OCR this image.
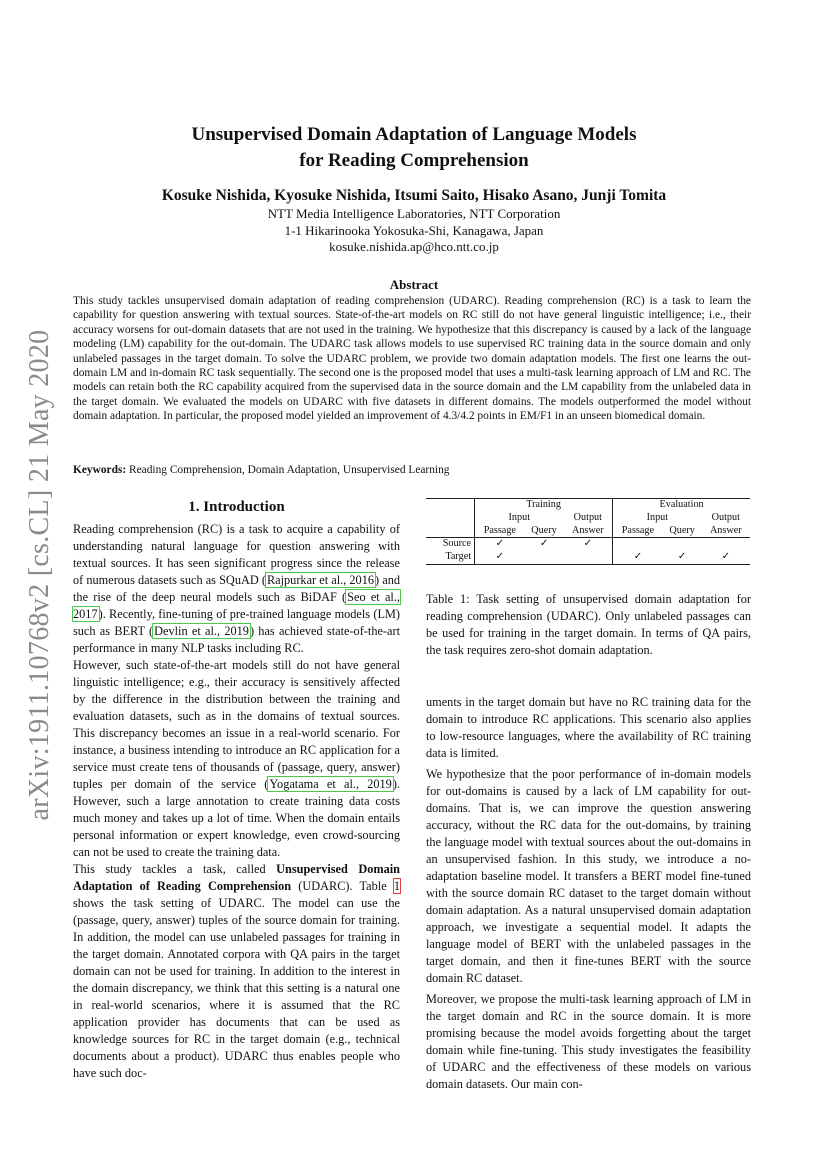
arXiv:1911.10768v2 [cs.CL] 21 May 2020
Unsupervised Domain Adaptation of Language Models
for Reading Comprehension
Kosuke Nishida, Kyosuke Nishida, Itsumi Saito, Hisako Asano, Junji Tomita
NTT Media Intelligence Laboratories, NTT Corporation
1-1 Hikarinooka Yokosuka-Shi, Kanagawa, Japan
kosuke.nishida.ap@hco.ntt.co.jp
Abstract
This study tackles unsupervised domain adaptation of reading comprehension (UDARC). Reading comprehension (RC) is a task to learn the capability for question answering with textual sources. State-of-the-art models on RC still do not have general linguistic intelligence; i.e., their accuracy worsens for out-domain datasets that are not used in the training. We hypothesize that this discrepancy is caused by a lack of the language modeling (LM) capability for the out-domain. The UDARC task allows models to use supervised RC training data in the source domain and only unlabeled passages in the target domain. To solve the UDARC problem, we provide two domain adaptation models. The first one learns the out-domain LM and in-domain RC task sequentially. The second one is the proposed model that uses a multi-task learning approach of LM and RC. The models can retain both the RC capability acquired from the supervised data in the source domain and the LM capability from the unlabeled data in the target domain. We evaluated the models on UDARC with five datasets in different domains. The models outperformed the model without domain adaptation. In particular, the proposed model yielded an improvement of 4.3/4.2 points in EM/F1 in an unseen biomedical domain.
Keywords: Reading Comprehension, Domain Adaptation, Unsupervised Learning
1. Introduction

Reading comprehension (RC) is a task to acquire a capability of understanding natural language for question answering with textual sources. It has seen significant progress since the release of numerous datasets such as SQuAD (Rajpurkar et al., 2016) and the rise of the deep neural models such as BiDAF (Seo et al., 2017). Recently, fine-tuning of pre-trained language models (LM) such as BERT (Devlin et al., 2019) has achieved state-of-the-art performance in many NLP tasks including RC.

However, such state-of-the-art models still do not have general linguistic intelligence; e.g., their accuracy is sensitively affected by the difference in the distribution between the training and evaluation datasets, such as in the domains of textual sources. This discrepancy becomes an issue in a real-world scenario. For instance, a business intending to introduce an RC application for a service must create tens of thousands of (passage, query, answer) tuples per domain of the service (Yogatama et al., 2019). However, such a large annotation to create training data costs much money and takes up a lot of time. When the domain entails personal information or expert knowledge, even crowd-sourcing can not be used to create the training data.

This study tackles a task, called Unsupervised Domain Adaptation of Reading Comprehension (UDARC). Table 1 shows the task setting of UDARC. The model can use the (passage, query, answer) tuples of the source domain for training. In addition, the model can use unlabeled passages for training in the target domain. Annotated corpora with QA pairs in the target domain can not be used for training. In addition to the interest in the domain discrepancy, we think that this setting is a natural one in real-world scenarios, where it is assumed that the RC application provider has documents that can be used as knowledge sources for RC in the target domain (e.g., technical documents about a product). UDARC thus enables people who have such doc-

	Training			Evaluation		
	Input		Output	Input		Output
	Passage	Query	Answer	Passage	Query	Answer
Source	✓	✓	✓			
Target	✓			✓	✓	✓
Table 1: Task setting of unsupervised domain adaptation for reading comprehension (UDARC). Only unlabeled passages can be used for training in the target domain. In terms of QA pairs, the task requires zero-shot domain adaptation.

uments in the target domain but have no RC training data for the domain to introduce RC applications. This scenario also applies to low-resource languages, where the availability of RC training data is limited.

We hypothesize that the poor performance of in-domain models for out-domains is caused by a lack of LM capability for out-domains. That is, we can improve the question answering accuracy, without the RC data for the out-domains, by training the language model with textual sources about the out-domains in an unsupervised fashion. In this study, we introduce a no-adaptation baseline model. It transfers a BERT model fine-tuned with the source domain RC dataset to the target domain without domain adaptation. As a natural unsupervised domain adaptation approach, we investigate a sequential model. It adapts the language model of BERT with the unlabeled passages in the target domain, and then it fine-tunes BERT with the source domain RC dataset.

Moreover, we propose the multi-task learning approach of LM in the target domain and RC in the source domain. It is more promising because the model avoids forgetting about the target domain while fine-tuning. This study investigates the feasibility of UDARC and the effectiveness of these models on various domain datasets. Our main con-
